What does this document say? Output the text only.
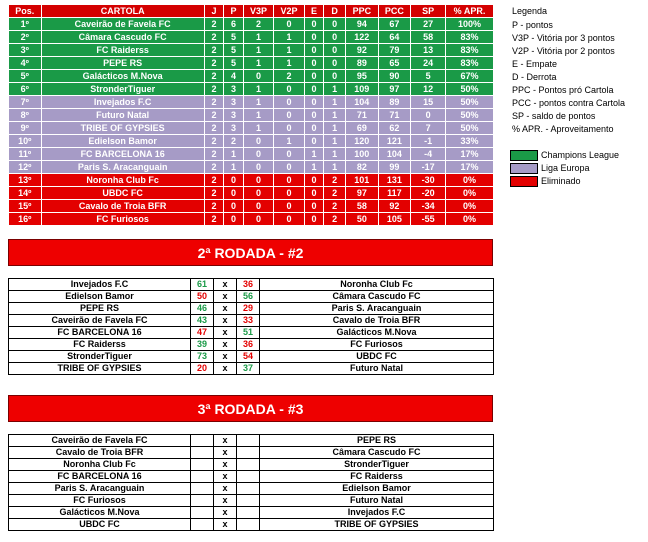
Pos.	CARTOLA	J	P	V3P	V2P	E	D	PPC	PCC	SP	% APR.
1º	Caveirão de Favela FC	2	6	2	0	0	0	94	67	27	100%
2º	Câmara Cascudo FC	2	5	1	1	0	0	122	64	58	83%
3º	FC Raiderss	2	5	1	1	0	0	92	79	13	83%
4º	PEPE RS	2	5	1	1	0	0	89	65	24	83%
5º	Galácticos M.Nova	2	4	0	2	0	0	95	90	5	67%
6º	StronderTiguer	2	3	1	0	0	1	109	97	12	50%
7º	Invejados F.C	2	3	1	0	0	1	104	89	15	50%
8º	Futuro Natal	2	3	1	0	0	1	71	71	0	50%
9º	TRIBE OF GYPSIES	2	3	1	0	0	1	69	62	7	50%
10º	Edielson Bamor	2	2	0	1	0	1	120	121	-1	33%
11º	FC BARCELONA 16	2	1	0	0	1	1	100	104	-4	17%
12º	Paris S. Aracanguain	2	1	0	0	1	1	82	99	-17	17%
13º	Noronha Club Fc	2	0	0	0	0	2	101	131	-30	0%
14º	UBDC FC	2	0	0	0	0	2	97	117	-20	0%
15º	Cavalo de Troia BFR	2	0	0	0	0	2	58	92	-34	0%
16º	FC Furiosos	2	0	0	0	0	2	50	105	-55	0%
Legenda
P - pontos
V3P - Vitória por 3 pontos
V2P - Vitória por 2 pontos
E - Empate
D - Derrota
PPC - Pontos pró Cartola
PCC - pontos contra Cartola
SP - saldo de pontos
% APR. - Aproveitamento
Champions League
Liga Europa
Eliminado
2ª RODADA - #2
Invejados F.C	61	x	36	Noronha Club Fc
Edielson Bamor	50	x	56	Câmara Cascudo FC
PEPE RS	46	x	29	Paris S. Aracanguain
Caveirão de Favela FC	43	x	33	Cavalo de Troia BFR
FC BARCELONA 16	47	x	51	Galácticos M.Nova
FC Raiderss	39	x	36	FC Furiosos
StronderTiguer	73	x	54	UBDC FC
TRIBE OF GYPSIES	20	x	37	Futuro Natal
3ª RODADA - #3
Caveirão de Favela FC		x		PEPE RS
Cavalo de Troia BFR		x		Câmara Cascudo FC
Noronha Club Fc		x		StronderTiguer
FC BARCELONA 16		x		FC Raiderss
Paris S. Aracanguain		x		Edielson Bamor
FC Furiosos		x		Futuro Natal
Galácticos M.Nova		x		Invejados F.C
UBDC FC		x		TRIBE OF GYPSIES
